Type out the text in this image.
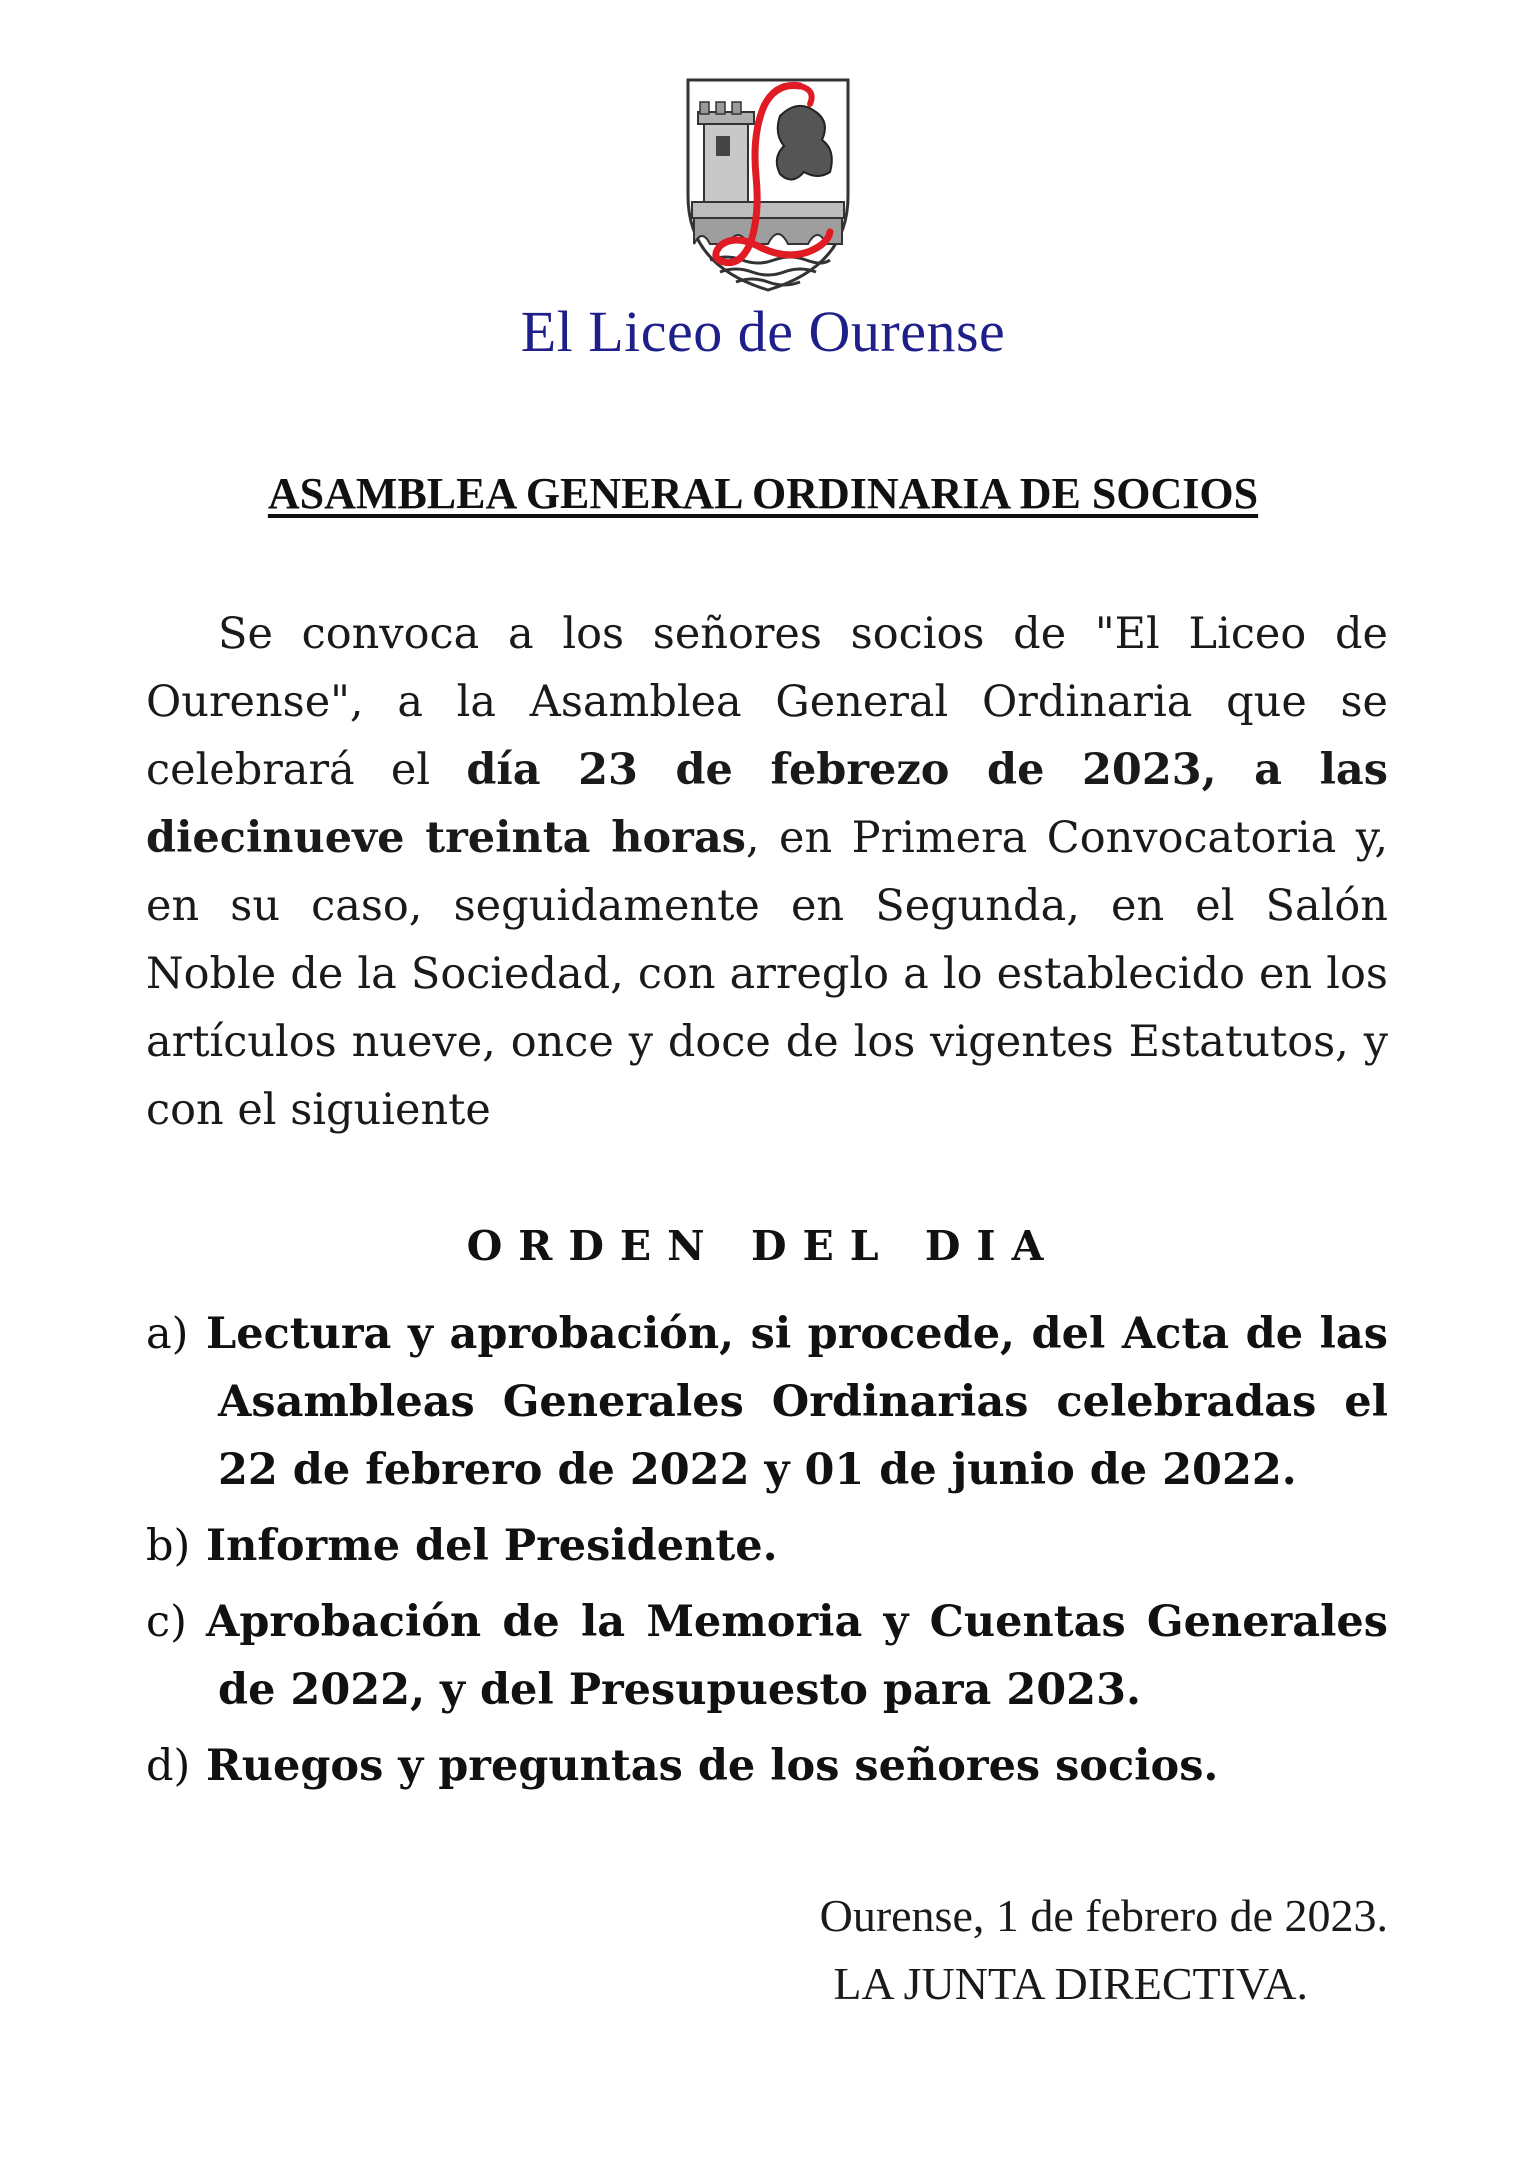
El Liceo de Ourense
ASAMBLEA GENERAL ORDINARIA DE SOCIOS
Se convoca a los señores socios de "El Liceo de Ourense", a la Asamblea General Ordinaria que se celebrará el día 23 de febrezo de 2023, a las diecinueve treinta horas, en Primera Convocatoria y, en su caso, seguidamente en Segunda, en el Salón Noble de la Sociedad, con arreglo a lo establecido en los artículos nueve, once y doce de los vigentes Estatutos, y con el siguiente
ORDEN DEL DIA
a) Lectura y aprobación, si procede, del Acta de las Asambleas Generales Ordinarias celebradas el 22 de febrero de 2022 y 01 de junio de 2022.
b) Informe del Presidente.
c) Aprobación de la Memoria y Cuentas Generales de 2022, y del Presupuesto para 2023.
d) Ruegos y preguntas de los señores socios.
Ourense, 1 de febrero de 2023.
LA JUNTA DIRECTIVA.
